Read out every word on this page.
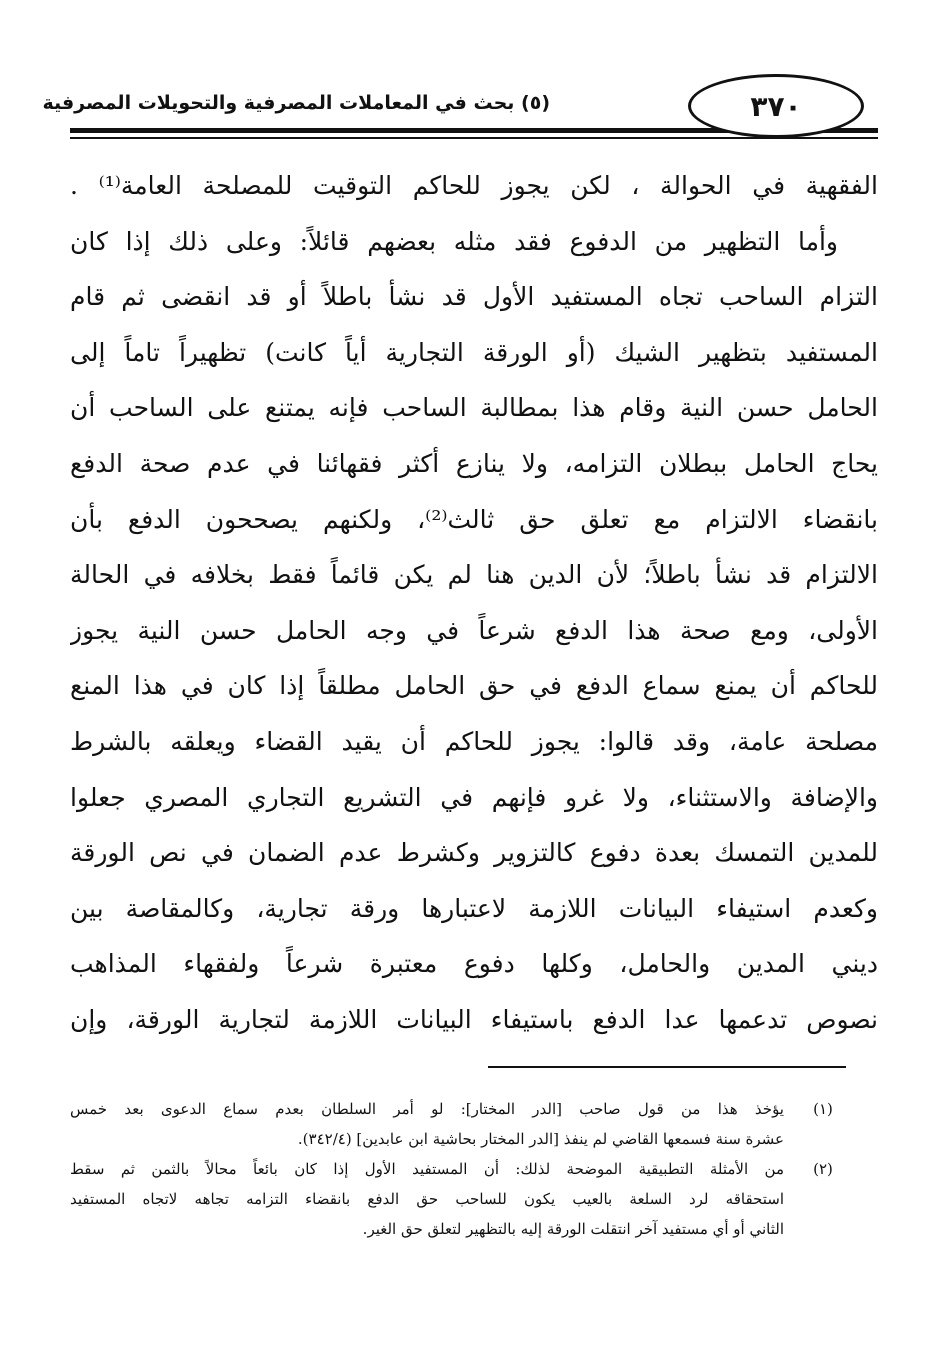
٣٧٠
(٥) بحث في المعاملات المصرفية والتحويلات المصرفية
الفقهية في الحوالة ، لكن يجوز للحاكم التوقيت للمصلحة العامة⁽¹⁾ .
وأما التظهير من الدفوع فقد مثله بعضهم قائلاً: وعلى ذلك إذا كان
التزام الساحب تجاه المستفيد الأول قد نشأ باطلاً أو قد انقضى ثم قام
المستفيد بتظهير الشيك (أو الورقة التجارية أياً كانت) تظهيراً تاماً إلى
الحامل حسن النية وقام هذا بمطالبة الساحب فإنه يمتنع على الساحب أن
يحاج الحامل ببطلان التزامه، ولا ينازع أكثر فقهائنا في عدم صحة الدفع
بانقضاء الالتزام مع تعلق حق ثالث⁽²⁾، ولكنهم يصححون الدفع بأن
الالتزام قد نشأ باطلاً؛ لأن الدين هنا لم يكن قائماً فقط بخلافه في الحالة
الأولى، ومع صحة هذا الدفع شرعاً في وجه الحامل حسن النية يجوز
للحاكم أن يمنع سماع الدفع في حق الحامل مطلقاً إذا كان في هذا المنع
مصلحة عامة، وقد قالوا: يجوز للحاكم أن يقيد القضاء ويعلقه بالشرط
والإضافة والاستثناء، ولا غرو فإنهم في التشريع التجاري المصري جعلوا
للمدين التمسك بعدة دفوع كالتزوير وكشرط عدم الضمان في نص الورقة
وكعدم استيفاء البيانات اللازمة لاعتبارها ورقة تجارية، وكالمقاصة بين
ديني المدين والحامل، وكلها دفوع معتبرة شرعاً ولفقهاء المذاهب
نصوص تدعمها عدا الدفع باستيفاء البيانات اللازمة لتجارية الورقة، وإن
(١)
يؤخذ هذا من قول صاحب [الدر المختار]: لو أمر السلطان بعدم سماع الدعوى بعد خمس
عشرة سنة فسمعها القاضي لم ينفذ [الدر المختار بحاشية ابن عابدين] (٣٤٢/٤).
(٢)
من الأمثلة التطبيقية الموضحة لذلك: أن المستفيد الأول إذا كان بائعاً محالاً بالثمن ثم سقط
استحقاقه لرد السلعة بالعيب يكون للساحب حق الدفع بانقضاء التزامه تجاهه لاتجاه المستفيد
الثاني أو أي مستفيد آخر انتقلت الورقة إليه بالتظهير لتعلق حق الغير.
